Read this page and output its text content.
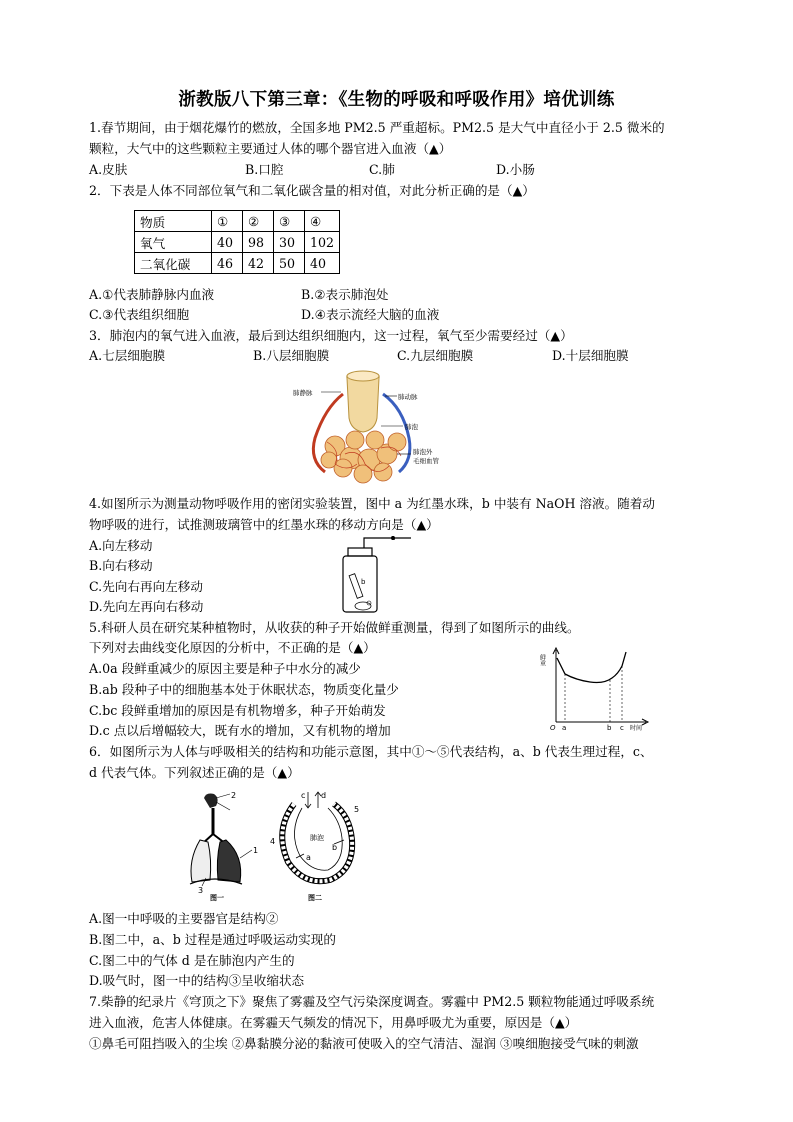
浙教版八下第三章：《生物的呼吸和呼吸作用》培优训练
1.春节期间，由于烟花爆竹的燃放，全国多地 PM2.5 严重超标。PM2.5 是大气中直径小于 2.5 微米的
颗粒，大气中的这些颗粒主要通过人体的哪个器官进入血液（▲）
A.皮肤	B.口腔	C.肺	D.小肠
2．下表是人体不同部位氧气和二氧化碳含量的相对值，对此分析正确的是（▲）
物质	①	②	③	④
氧气	40	98	30	102
二氧化碳	46	42	50	40
A.①代表肺静脉内血液	B.②表示肺泡处
C.③代表组织细胞	D.④表示流经大脑的血液
3．肺泡内的氧气进入血液，最后到达组织细胞内，这一过程，氧气至少需要经过（▲）
A.七层细胞膜	B.八层细胞膜	C.九层细胞膜	D.十层细胞膜
肺静脉	肺动脉
肺泡
肺泡外
毛细血管
4.如图所示为测量动物呼吸作用的密闭实验装置，图中 a 为红墨水珠，b 中装有 NaOH 溶液。随着动
物呼吸的进行，试推测玻璃管中的红墨水珠的移动方向是（▲）
A.向左移动
B.向右移动
C.先向右再向左移动
D.先向左再向右移动
a
b
5.科研人员在研究某种植物时，从收获的种子开始做鲜重测量，得到了如图所示的曲线。
下列对去曲线变化原因的分析中，不正确的是（▲）
A.0a 段鲜重减少的原因主要是种子中水分的减少
B.ab 段种子中的细胞基本处于休眠状态，物质变化量少
C.bc 段鲜重增加的原因是有机物增多，种子开始萌发
D.c 点以后增幅较大，既有水的增加，又有机物的增加
鲜重
O a	b c 时间
6．如图所示为人体与呼吸相关的结构和功能示意图，其中①～⑤代表结构，a、b 代表生理过程，c、
d 代表气体。下列叙述正确的是（▲）
2
1
3
图一
c d
5
4	肺泡
a
b
图二
A.图一中呼吸的主要器官是结构②
B.图二中，a、b 过程是通过呼吸运动实现的
C.图二中的气体 d 是在肺泡内产生的
D.吸气时，图一中的结构③呈收缩状态
7.柴静的纪录片《穹顶之下》聚焦了雾霾及空气污染深度调查。雾霾中 PM2.5 颗粒物能通过呼吸系统
进入血液，危害人体健康。在雾霾天气频发的情况下，用鼻呼吸尤为重要，原因是（▲）
①鼻毛可阻挡吸入的尘埃 ②鼻黏膜分泌的黏液可使吸入的空气清洁、湿润 ③嗅细胞接受气味的刺激
